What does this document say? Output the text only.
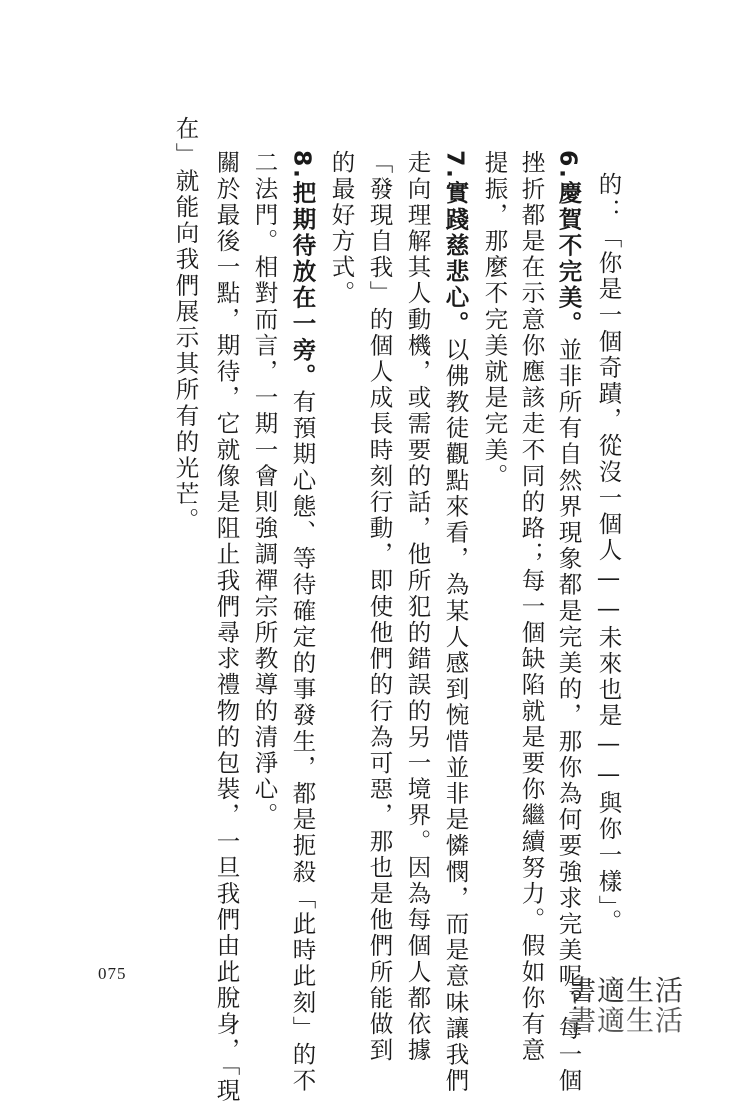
的：「你是一個奇蹟，從沒一個人——未來也是——與你一樣」。
6.慶賀不完美。並非所有自然界現象都是完美的，那你為何要強求完美呢？每一個
挫折都是在示意你應該走不同的路；每一個缺陷就是要你繼續努力。假如你有意
提振，那麼不完美就是完美。
7.實踐慈悲心。以佛教徒觀點來看，為某人感到惋惜並非是憐憫，而是意味讓我們
走向理解其人動機，或需要的話，他所犯的錯誤的另一境界。因為每個人都依據
「發現自我」的個人成長時刻行動，即使他們的行為可惡，那也是他們所能做到
的最好方式。
8.把期待放在一旁。有預期心態、等待確定的事發生，都是扼殺「此時此刻」的不
二法門。相對而言，一期一會則強調禪宗所教導的清淨心。
關於最後一點，期待，它就像是阻止我們尋求禮物的包裝，一旦我們由此脫身，「現
在」就能向我們展示其所有的光芒。
075
書適生活
書適生活
